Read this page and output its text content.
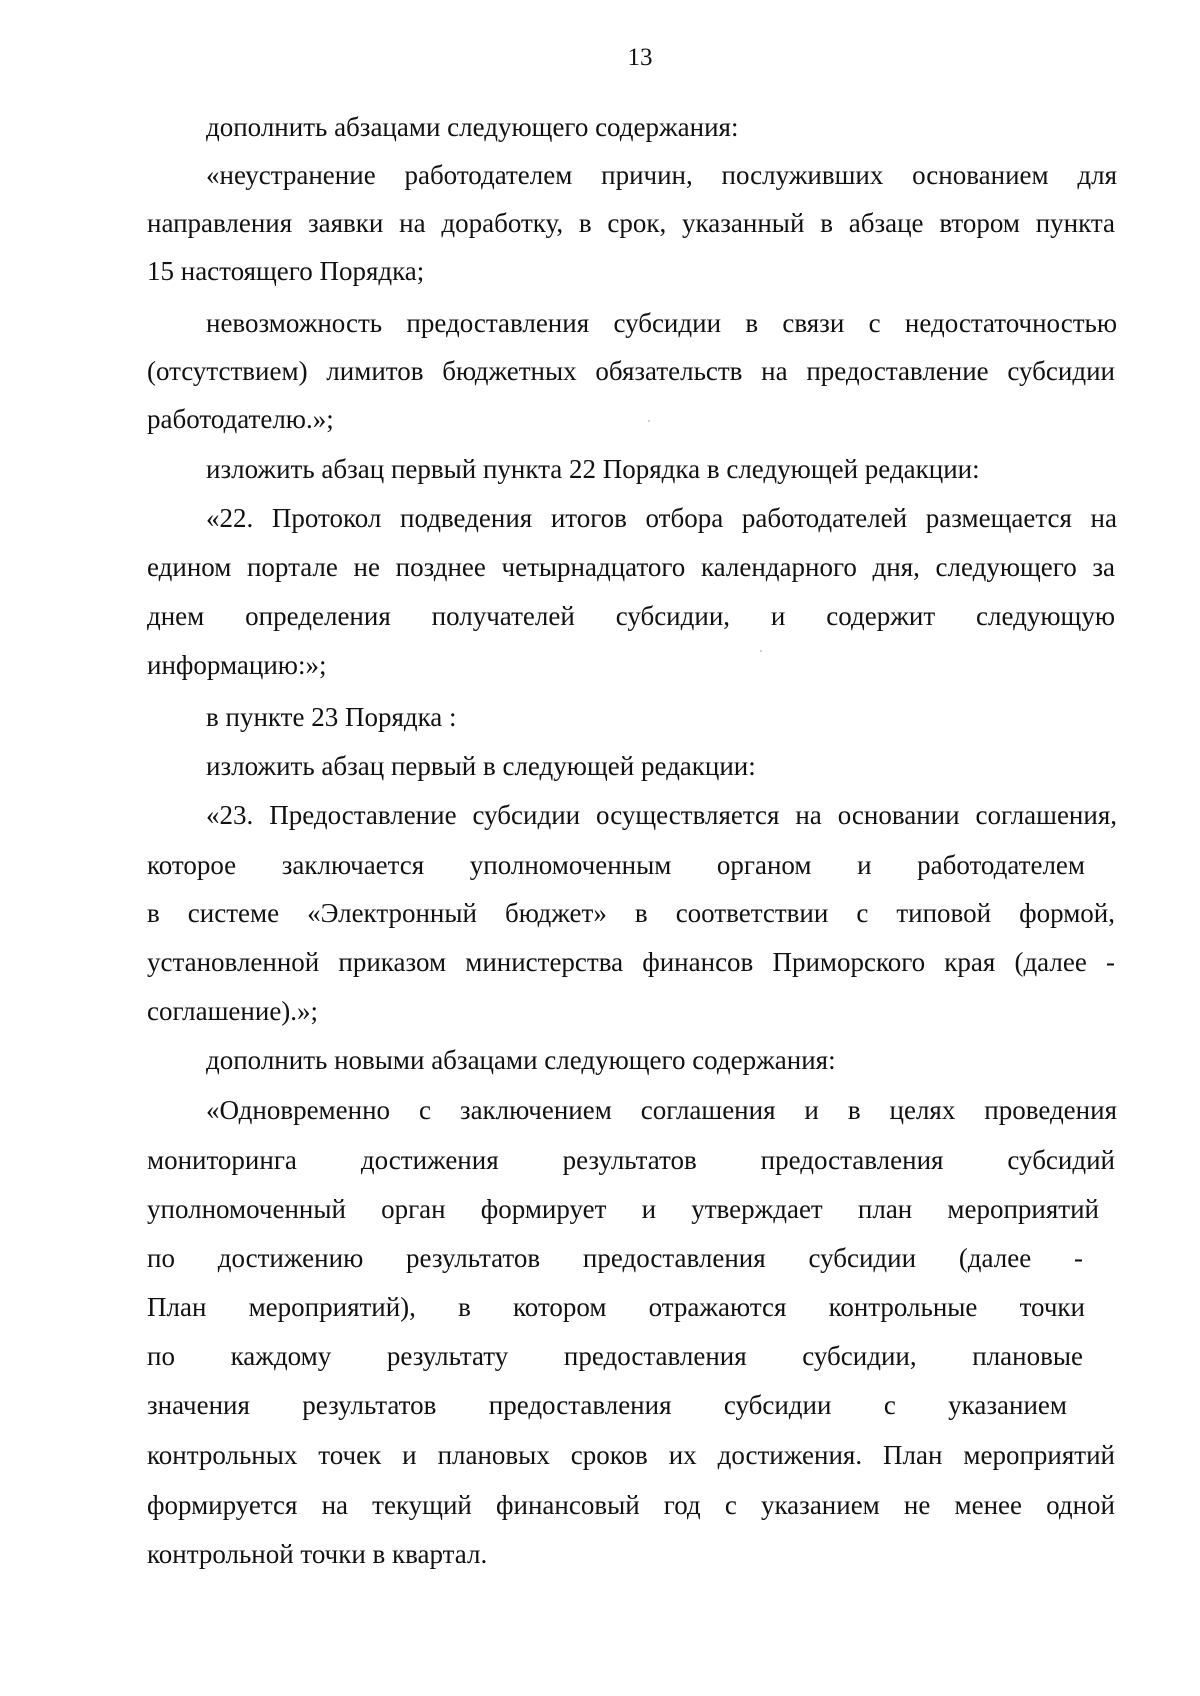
13
дополнить абзацами следующего содержания:
«неустранение работодателем причин, послуживших основанием для
направления заявки на доработку, в срок, указанный в абзаце втором пункта
15 настоящего Порядка;
невозможность предоставления субсидии в связи с недостаточностью
(отсутствием) лимитов бюджетных обязательств на предоставление субсидии
работодателю.»;
изложить абзац первый пункта 22 Порядка в следующей редакции:
«22. Протокол подведения итогов отбора работодателей размещается на
едином портале не позднее четырнадцатого календарного дня, следующего за
днем определения получателей субсидии, и содержит следующую
информацию:»;
в пункте 23 Порядка :
изложить абзац первый в следующей редакции:
«23. Предоставление субсидии осуществляется на основании соглашения,
которое заключается уполномоченным органом и работодателем
в системе «Электронный бюджет» в соответствии с типовой формой,
установленной приказом министерства финансов Приморского края (далее -
соглашение).»;
дополнить новыми абзацами следующего содержания:
«Одновременно с заключением соглашения и в целях проведения
мониторинга достижения результатов предоставления субсидий
уполномоченный орган формирует и утверждает план мероприятий
по достижению результатов предоставления субсидии (далее -
План мероприятий), в котором отражаются контрольные точки
по каждому результату предоставления субсидии, плановые
значения результатов предоставления субсидии с указанием
контрольных точек и плановых сроков их достижения. План мероприятий
формируется на текущий финансовый год с указанием не менее одной
контрольной точки в квартал.
